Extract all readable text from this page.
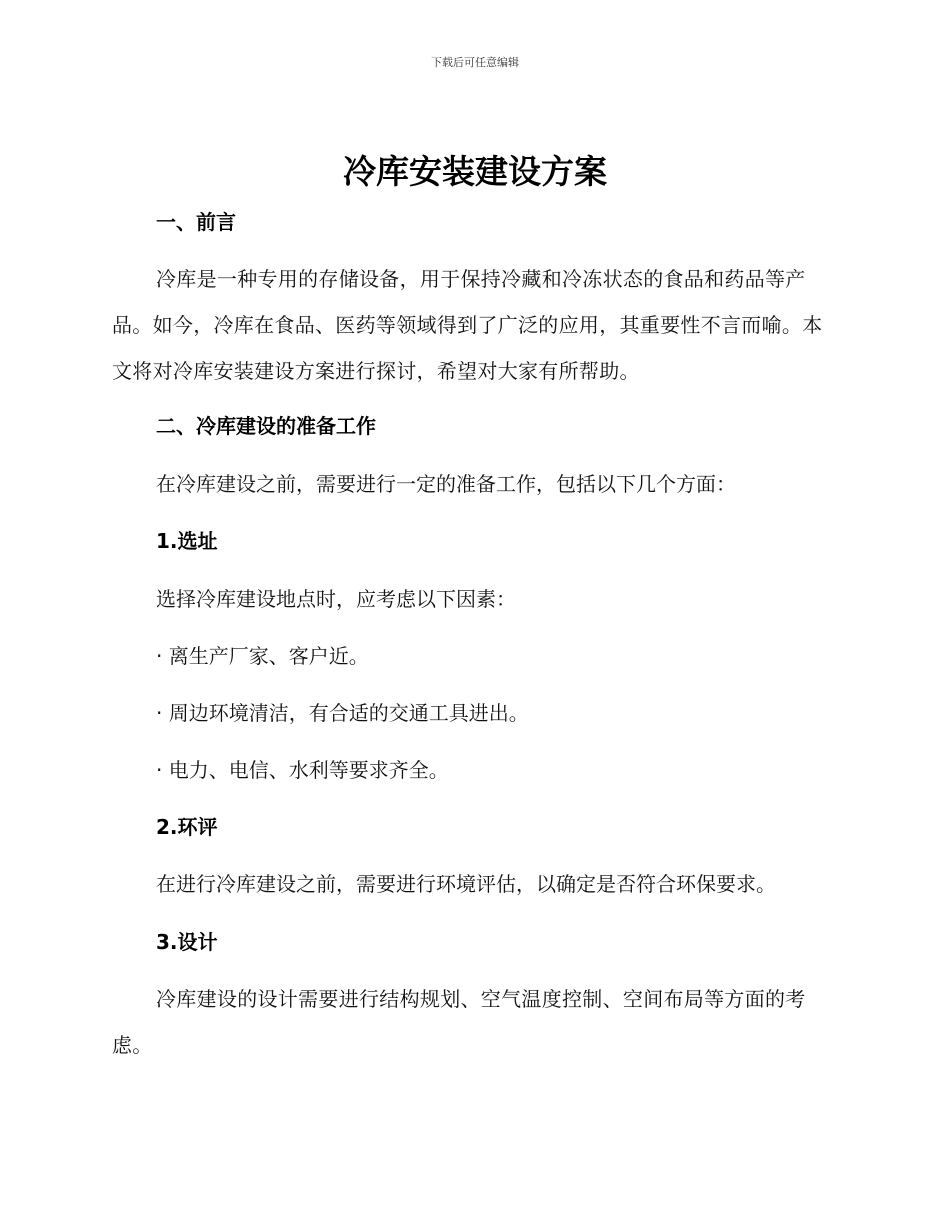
下载后可任意编辑
冷库安装建设方案
一、前言

冷库是一种专用的存储设备，用于保持冷藏和冷冻状态的食品和药品等产品。如今，冷库在食品、医药等领域得到了广泛的应用，其重要性不言而喻。本文将对冷库安装建设方案进行探讨，希望对大家有所帮助。

二、冷库建设的准备工作
在冷库建设之前，需要进行一定的准备工作，包括以下几个方面：
1.选址
选择冷库建设地点时，应考虑以下因素：
· 离生产厂家、客户近。
· 周边环境清洁，有合适的交通工具进出。
· 电力、电信、水利等要求齐全。
2.环评
在进行冷库建设之前，需要进行环境评估，以确定是否符合环保要求。
3.设计

冷库建设的设计需要进行结构规划、空气温度控制、空间布局等方面的考虑。
